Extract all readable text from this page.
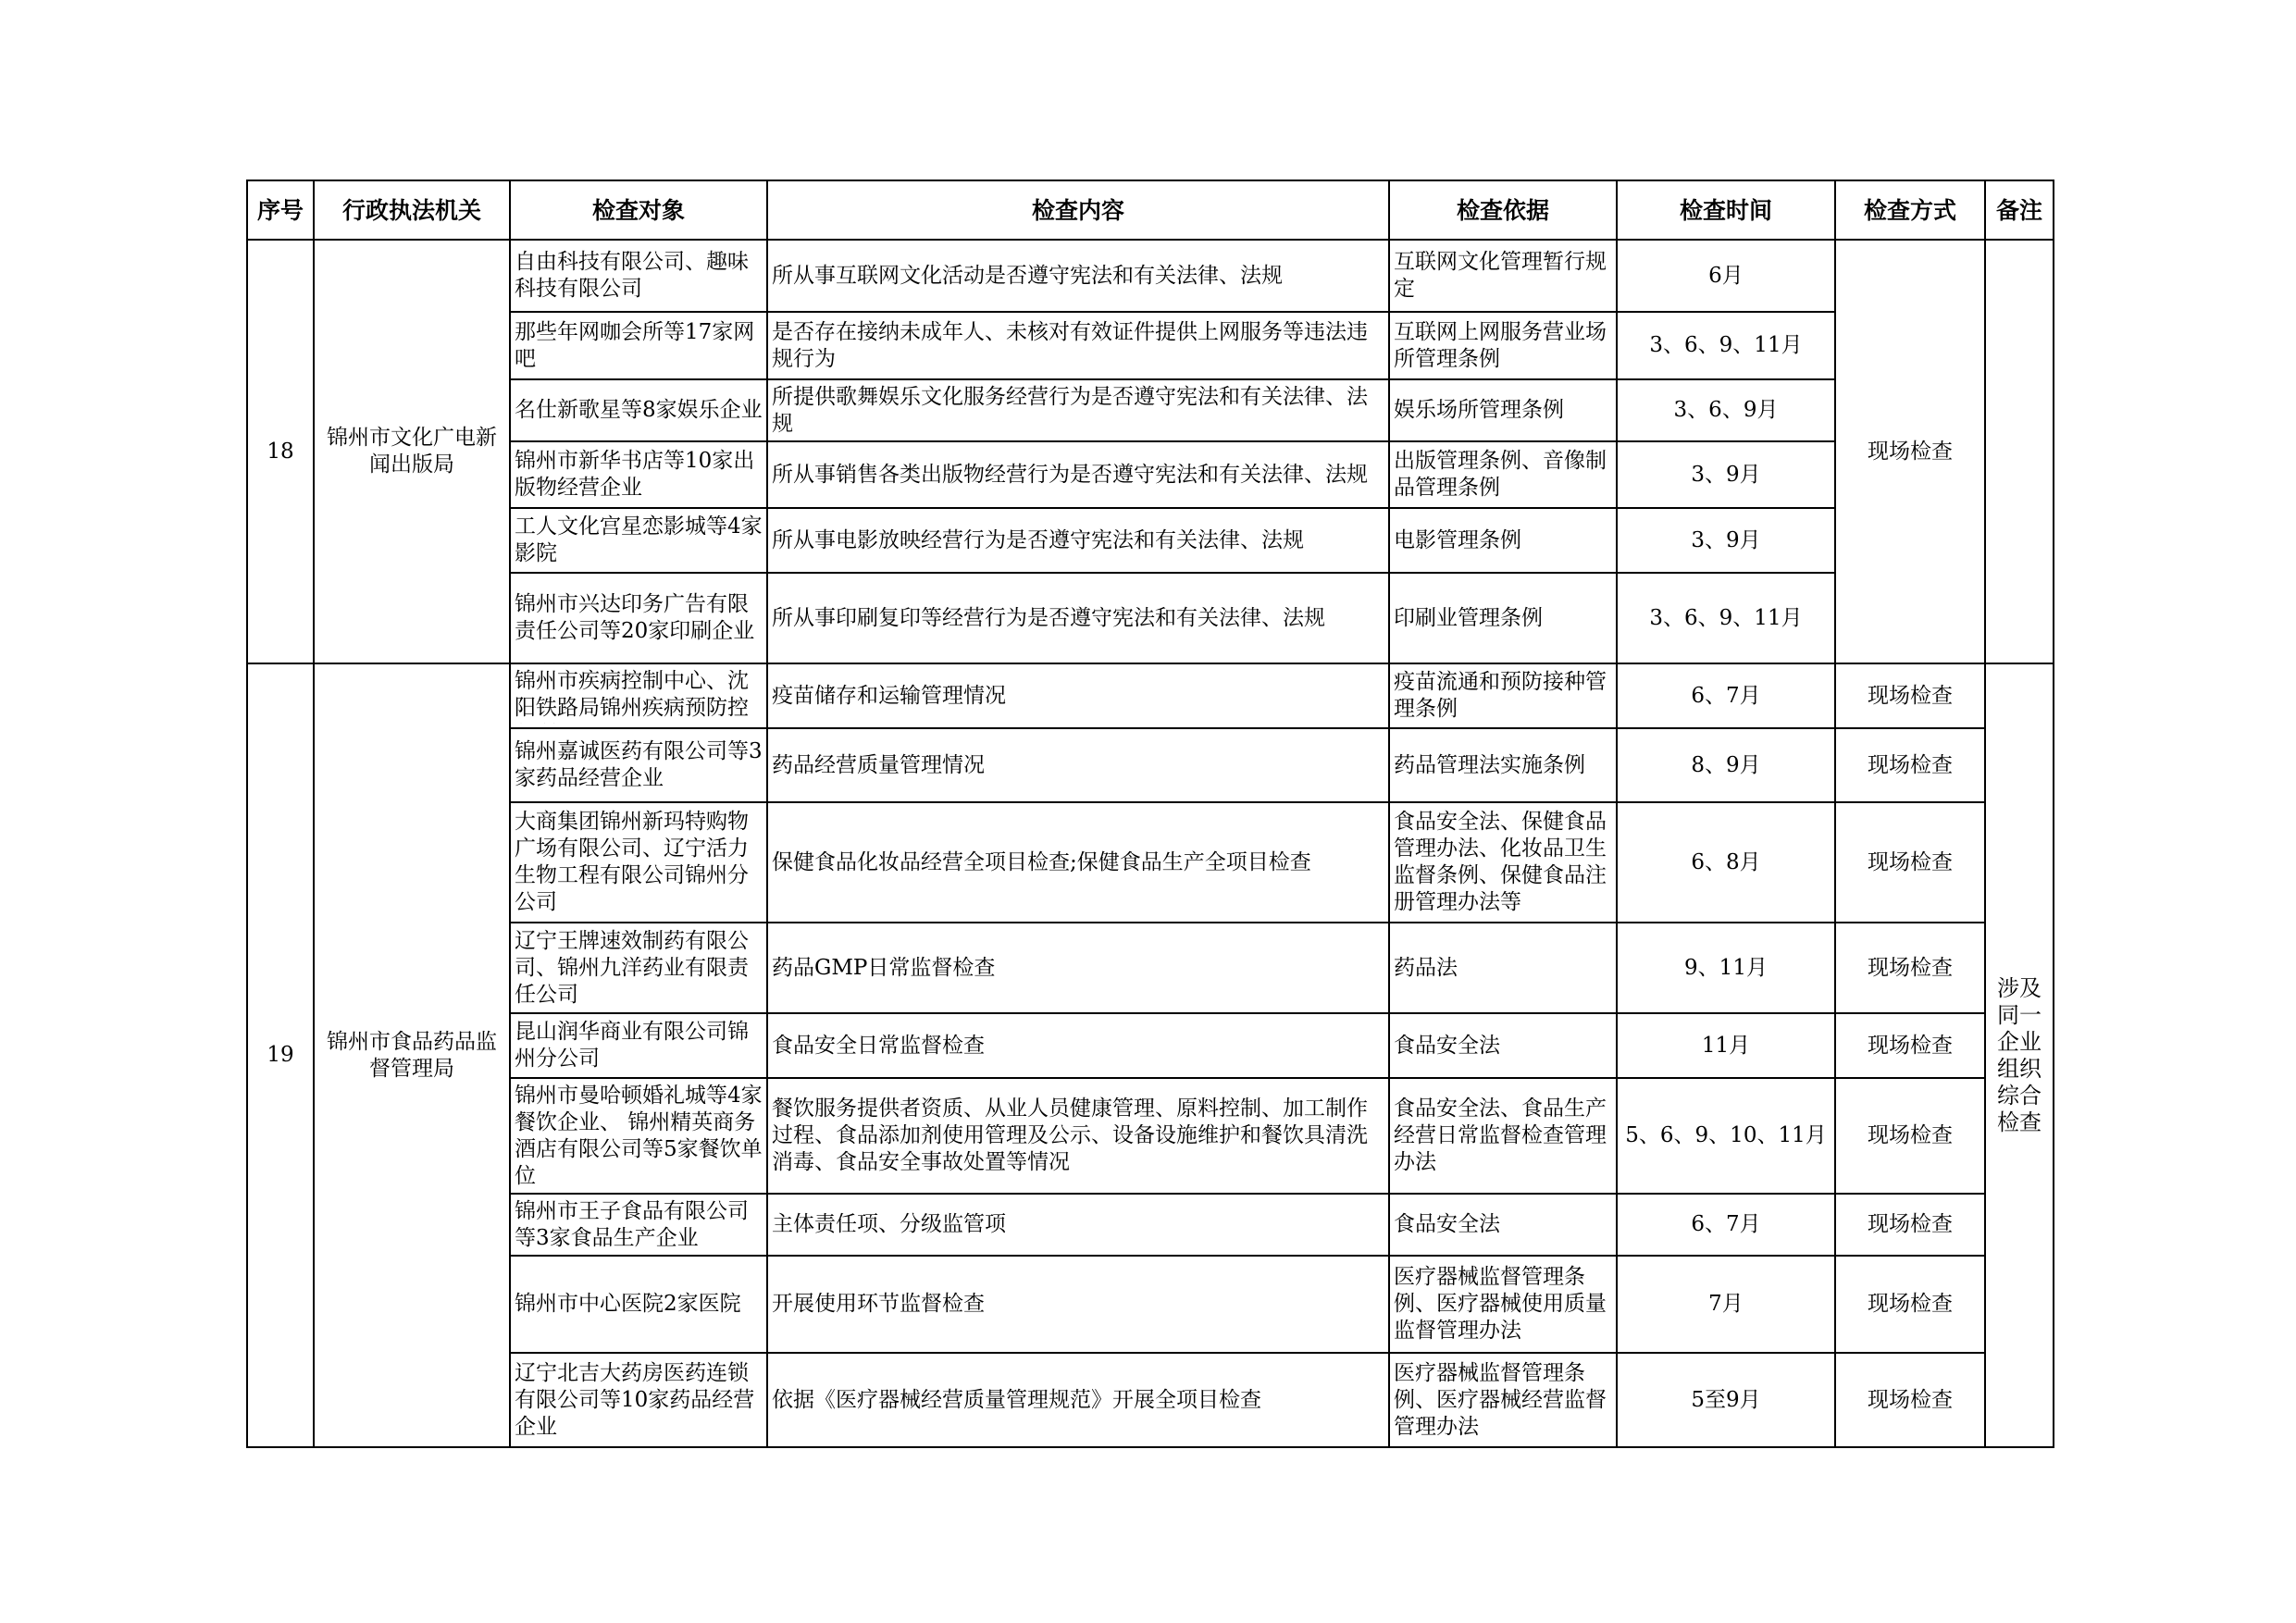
序号	行政执法机关	检查对象	检查内容	检查依据	检查时间	检查方式	备注
18	锦州市文化广电新闻出版局	自由科技有限公司、趣味科技有限公司	所从事互联网文化活动是否遵守宪法和有关法律、法规	互联网文化管理暂行规定	6月	现场检查	
		那些年网咖会所等17家网吧	是否存在接纳未成年人、未核对有效证件提供上网服务等违法违规行为	互联网上网服务营业场所管理条例	3、6、9、11月		
		名仕新歌星等8家娱乐企业	所提供歌舞娱乐文化服务经营行为是否遵守宪法和有关法律、法规	娱乐场所管理条例	3、6、9月		
		锦州市新华书店等10家出版物经营企业	所从事销售各类出版物经营行为是否遵守宪法和有关法律、法规	出版管理条例、音像制品管理条例	3、9月		
		工人文化宫星恋影城等4家影院	所从事电影放映经营行为是否遵守宪法和有关法律、法规	电影管理条例	3、9月		
		锦州市兴达印务广告有限责任公司等20家印刷企业	所从事印刷复印等经营行为是否遵守宪法和有关法律、法规	印刷业管理条例	3、6、9、11月		
19	锦州市食品药品监督管理局	锦州市疾病控制中心、沈阳铁路局锦州疾病预防控	疫苗储存和运输管理情况	疫苗流通和预防接种管理条例	6、7月	现场检查	涉及同一企业组织综合检查
		锦州嘉诚医药有限公司等3家药品经营企业	药品经营质量管理情况	药品管理法实施条例	8、9月	现场检查	
		大商集团锦州新玛特购物广场有限公司、辽宁活力生物工程有限公司锦州分公司	保健食品化妆品经营全项目检查;保健食品生产全项目检查	食品安全法、保健食品管理办法、化妆品卫生监督条例、保健食品注册管理办法等	6、8月	现场检查	
		辽宁王牌速效制药有限公司、锦州九洋药业有限责任公司	药品GMP日常监督检查	药品法	9、11月	现场检查	
		昆山润华商业有限公司锦州分公司	食品安全日常监督检查	食品安全法	11月	现场检查	
		锦州市曼哈顿婚礼城等4家餐饮企业、 锦州精英商务酒店有限公司等5家餐饮单位	餐饮服务提供者资质、从业人员健康管理、原料控制、加工制作过程、食品添加剂使用管理及公示、设备设施维护和餐饮具清洗消毒、食品安全事故处置等情况	食品安全法、食品生产经营日常监督检查管理办法	5、6、9、10、11月	现场检查	
		锦州市王子食品有限公司等3家食品生产企业	主体责任项、分级监管项	食品安全法	6、7月	现场检查	
		锦州市中心医院2家医院	开展使用环节监督检查	医疗器械监督管理条例、医疗器械使用质量监督管理办法	7月	现场检查	
		辽宁北吉大药房医药连锁有限公司等10家药品经营企业	依据《医疗器械经营质量管理规范》开展全项目检查	医疗器械监督管理条例、医疗器械经营监督管理办法	5至9月	现场检查	
